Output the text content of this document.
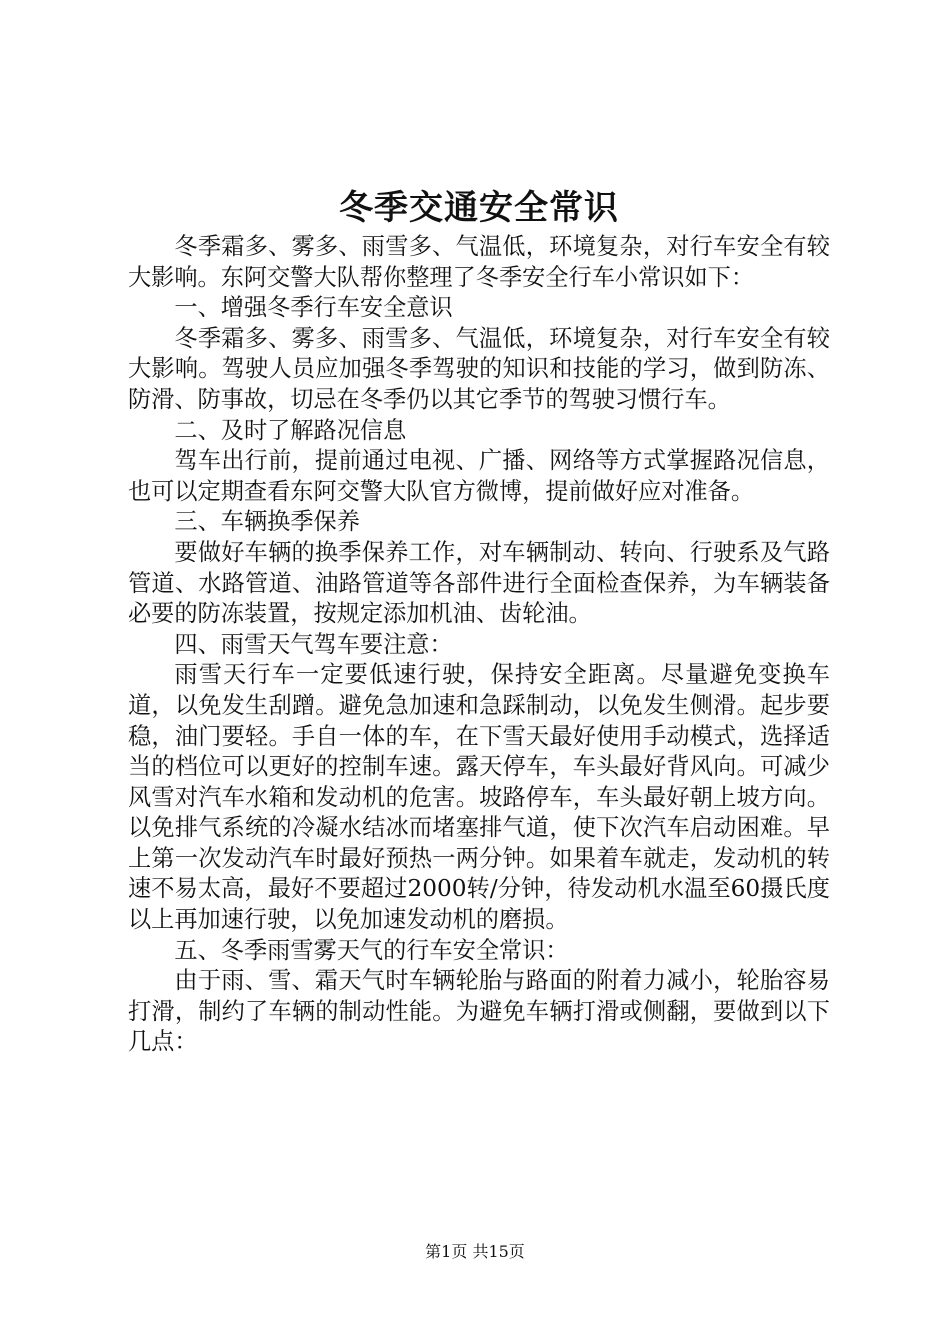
冬季交通安全常识

冬季霜多、雾多、雨雪多、气温低，环境复杂，对行车安全有较大影响。东阿交警大队帮你整理了冬季安全行车小常识如下：

一、增强冬季行车安全意识

冬季霜多、雾多、雨雪多、气温低，环境复杂，对行车安全有较大影响。驾驶人员应加强冬季驾驶的知识和技能的学习，做到防冻、防滑、防事故，切忌在冬季仍以其它季节的驾驶习惯行车。

二、及时了解路况信息

驾车出行前，提前通过电视、广播、网络等方式掌握路况信息，也可以定期查看东阿交警大队官方微博，提前做好应对准备。

三、车辆换季保养

要做好车辆的换季保养工作，对车辆制动、转向、行驶系及气路管道、水路管道、油路管道等各部件进行全面检查保养，为车辆装备必要的防冻装置，按规定添加机油、齿轮油。

四、雨雪天气驾车要注意：

雨雪天行车一定要低速行驶，保持安全距离。尽量避免变换车道，以免发生刮蹭。避免急加速和急踩制动，以免发生侧滑。起步要稳，油门要轻。手自一体的车，在下雪天最好使用手动模式，选择适当的档位可以更好的控制车速。露天停车，车头最好背风向。可减少风雪对汽车水箱和发动机的危害。坡路停车，车头最好朝上坡方向。以免排气系统的冷凝水结冰而堵塞排气道，使下次汽车启动困难。早上第一次发动汽车时最好预热一两分钟。如果着车就走，发动机的转速不易太高，最好不要超过2000转/分钟，待发动机水温至60摄氏度以上再加速行驶，以免加速发动机的磨损。

五、冬季雨雪雾天气的行车安全常识：

由于雨、雪、霜天气时车辆轮胎与路面的附着力减小，轮胎容易打滑，制约了车辆的制动性能。为避免车辆打滑或侧翻，要做到以下几点：

第1页 共15页
